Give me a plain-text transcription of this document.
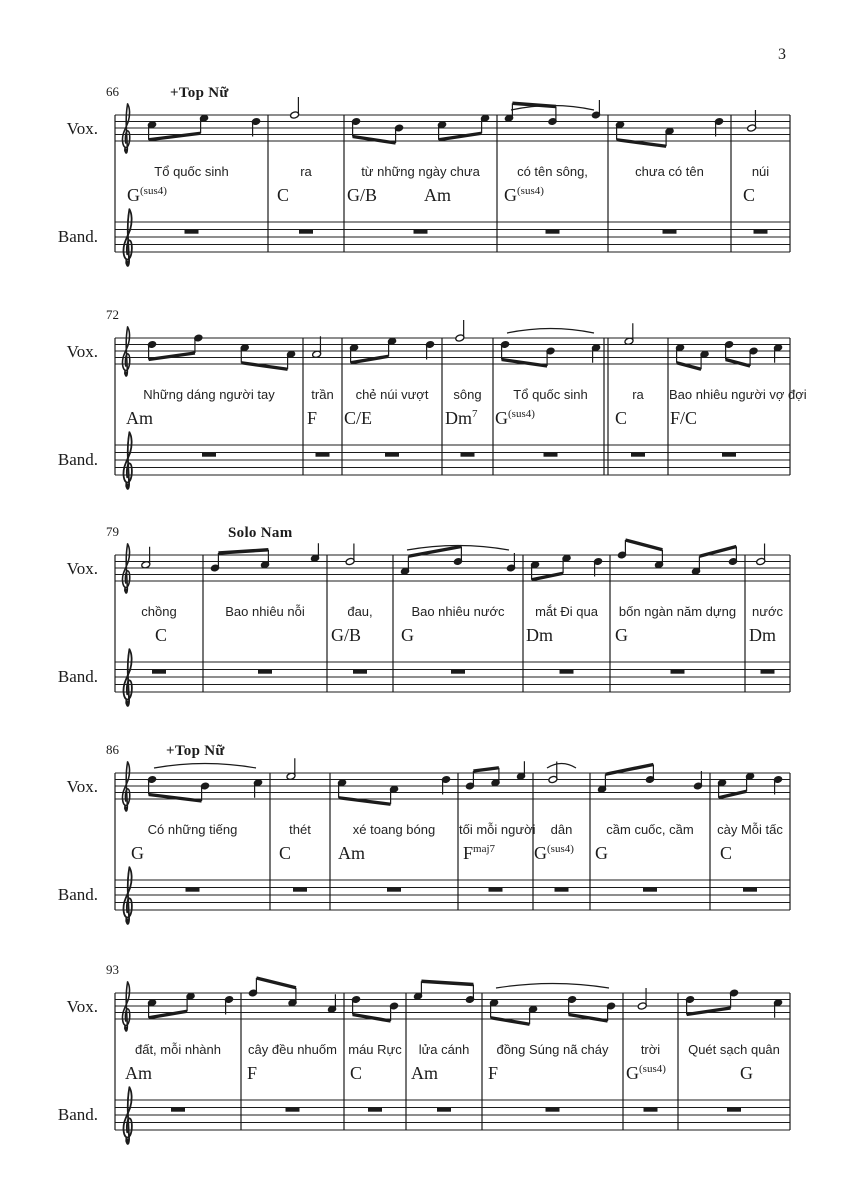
3
66	+Top Nữ
Vox.
Band.
Tổ quốc sinh
$G^{(sus4)}$
ra
C
từ những ngày chưa
G/B	Am
có tên sông,
$G^{(sus4)}$
chưa có tên	núi
C
72
Vox.
Band.
Những dáng người tay
Am
trần
F
chẻ núi vượt
C/E
sông
Dm$^7$
Tổ quốc sinh
$G^{(sus4)}$
ra
C
Bao nhiêu người vợ đợi
F/C
79	Solo Nam
Vox.
Band.
chồng
C
Bao nhiêu nỗi	đau,
G/B
Bao nhiêu nước
G
mắt Đi qua
Dm
bốn ngàn năm dựng
G
nước
Dm
86	+Top Nữ
Vox.
Band.
Có những tiếng
G
thét
C
xé toang bóng
Am
tối mỗi người
$F^{maj7}$
dân
$G^{(sus4)}$
cầm cuốc, cầm
G
cày Mỗi tấc
C
93
Vox.
Band.
đất, mỗi nhành
Am
cây đều nhuốm
F
máu Rực
C
lửa cánh
Am
đồng Súng nã cháy
F
trời
$G^{(sus4)}$
Quét sạch quân
G
